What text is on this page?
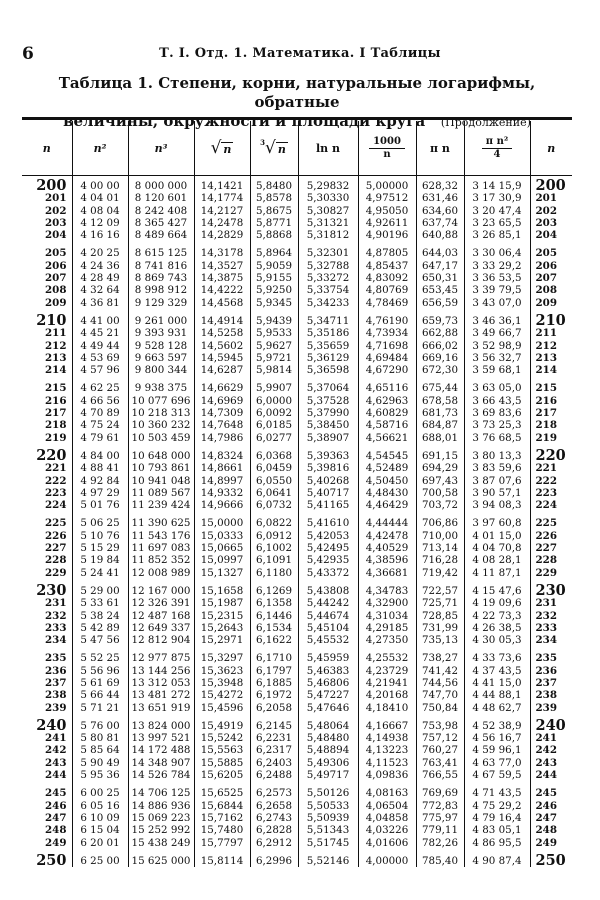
6	Т. I. Отд. 1. Математика. I Таблицы
Таблица 1. Степени, корни, натуральные логарифмы, обратные
величины, окружности и площади круга (Продолжение)
n	n²	n³	√ n	$^3$√ n	ln n	$\frac{1000}{n}$	π n	$\frac{\text{π n²}}{4}$	n
200	4 00 00	8 000 000	14,1421	5,8480	5,29832	5,00000	628,32	3 14 15,9	200
201	4 04 01	8 120 601	14,1774	5,8578	5,30330	4,97512	631,46	3 17 30,9	201
202	4 08 04	8 242 408	14,2127	5,8675	5,30827	4,95050	634,60	3 20 47,4	202
203	4 12 09	8 365 427	14,2478	5,8771	5,31321	4,92611	637,74	3 23 65,5	203
204	4 16 16	8 489 664	14,2829	5,8868	5,31812	4,90196	640,88	3 26 85,1	204

205	4 20 25	8 615 125	14,3178	5,8964	5,32301	4,87805	644,03	3 30 06,4	205
206	4 24 36	8 741 816	14,3527	5,9059	5,32788	4,85437	647,17	3 33 29,2	206
207	4 28 49	8 869 743	14,3875	5,9155	5,33272	4,83092	650,31	3 36 53,5	207
208	4 32 64	8 998 912	14,4222	5,9250	5,33754	4,80769	653,45	3 39 79,5	208
209	4 36 81	9 129 329	14,4568	5,9345	5,34233	4,78469	656,59	3 43 07,0	209

210	4 41 00	9 261 000	14,4914	5,9439	5,34711	4,76190	659,73	3 46 36,1	210
211	4 45 21	9 393 931	14,5258	5,9533	5,35186	4,73934	662,88	3 49 66,7	211
212	4 49 44	9 528 128	14,5602	5,9627	5,35659	4,71698	666,02	3 52 98,9	212
213	4 53 69	9 663 597	14,5945	5,9721	5,36129	4,69484	669,16	3 56 32,7	213
214	4 57 96	9 800 344	14,6287	5,9814	5,36598	4,67290	672,30	3 59 68,1	214

215	4 62 25	9 938 375	14,6629	5,9907	5,37064	4,65116	675,44	3 63 05,0	215
216	4 66 56	10 077 696	14,6969	6,0000	5,37528	4,62963	678,58	3 66 43,5	216
217	4 70 89	10 218 313	14,7309	6,0092	5,37990	4,60829	681,73	3 69 83,6	217
218	4 75 24	10 360 232	14,7648	6,0185	5,38450	4,58716	684,87	3 73 25,3	218
219	4 79 61	10 503 459	14,7986	6,0277	5,38907	4,56621	688,01	3 76 68,5	219

220	4 84 00	10 648 000	14,8324	6,0368	5,39363	4,54545	691,15	3 80 13,3	220
221	4 88 41	10 793 861	14,8661	6,0459	5,39816	4,52489	694,29	3 83 59,6	221
222	4 92 84	10 941 048	14,8997	6,0550	5,40268	4,50450	697,43	3 87 07,6	222
223	4 97 29	11 089 567	14,9332	6,0641	5,40717	4,48430	700,58	3 90 57,1	223
224	5 01 76	11 239 424	14,9666	6,0732	5,41165	4,46429	703,72	3 94 08,3	224

225	5 06 25	11 390 625	15,0000	6,0822	5,41610	4,44444	706,86	3 97 60,8	225
226	5 10 76	11 543 176	15,0333	6,0912	5,42053	4,42478	710,00	4 01 15,0	226
227	5 15 29	11 697 083	15,0665	6,1002	5,42495	4,40529	713,14	4 04 70,8	227
228	5 19 84	11 852 352	15,0997	6,1091	5,42935	4,38596	716,28	4 08 28,1	228
229	5 24 41	12 008 989	15,1327	6,1180	5,43372	4,36681	719,42	4 11 87,1	229

230	5 29 00	12 167 000	15,1658	6,1269	5,43808	4,34783	722,57	4 15 47,6	230
231	5 33 61	12 326 391	15,1987	6,1358	5,44242	4,32900	725,71	4 19 09,6	231
232	5 38 24	12 487 168	15,2315	6,1446	5,44674	4,31034	728,85	4 22 73,3	232
233	5 42 89	12 649 337	15,2643	6,1534	5,45104	4,29185	731,99	4 26 38,5	233
234	5 47 56	12 812 904	15,2971	6,1622	5,45532	4,27350	735,13	4 30 05,3	234

235	5 52 25	12 977 875	15,3297	6,1710	5,45959	4,25532	738,27	4 33 73,6	235
236	5 56 96	13 144 256	15,3623	6,1797	5,46383	4,23729	741,42	4 37 43,5	236
237	5 61 69	13 312 053	15,3948	6,1885	5,46806	4,21941	744,56	4 41 15,0	237
238	5 66 44	13 481 272	15,4272	6,1972	5,47227	4,20168	747,70	4 44 88,1	238
239	5 71 21	13 651 919	15,4596	6,2058	5,47646	4,18410	750,84	4 48 62,7	239

240	5 76 00	13 824 000	15,4919	6,2145	5,48064	4,16667	753,98	4 52 38,9	240
241	5 80 81	13 997 521	15,5242	6,2231	5,48480	4,14938	757,12	4 56 16,7	241
242	5 85 64	14 172 488	15,5563	6,2317	5,48894	4,13223	760,27	4 59 96,1	242
243	5 90 49	14 348 907	15,5885	6,2403	5,49306	4,11523	763,41	4 63 77,0	243
244	5 95 36	14 526 784	15,6205	6,2488	5,49717	4,09836	766,55	4 67 59,5	244

245	6 00 25	14 706 125	15,6525	6,2573	5,50126	4,08163	769,69	4 71 43,5	245
246	6 05 16	14 886 936	15,6844	6,2658	5,50533	4,06504	772,83	4 75 29,2	246
247	6 10 09	15 069 223	15,7162	6,2743	5,50939	4,04858	775,97	4 79 16,4	247
248	6 15 04	15 252 992	15,7480	6,2828	5,51343	4,03226	779,11	4 83 05,1	248
249	6 20 01	15 438 249	15,7797	6,2912	5,51745	4,01606	782,26	4 86 95,5	249

250	6 25 00	15 625 000	15,8114	6,2996	5,52146	4,00000	785,40	4 90 87,4	250
